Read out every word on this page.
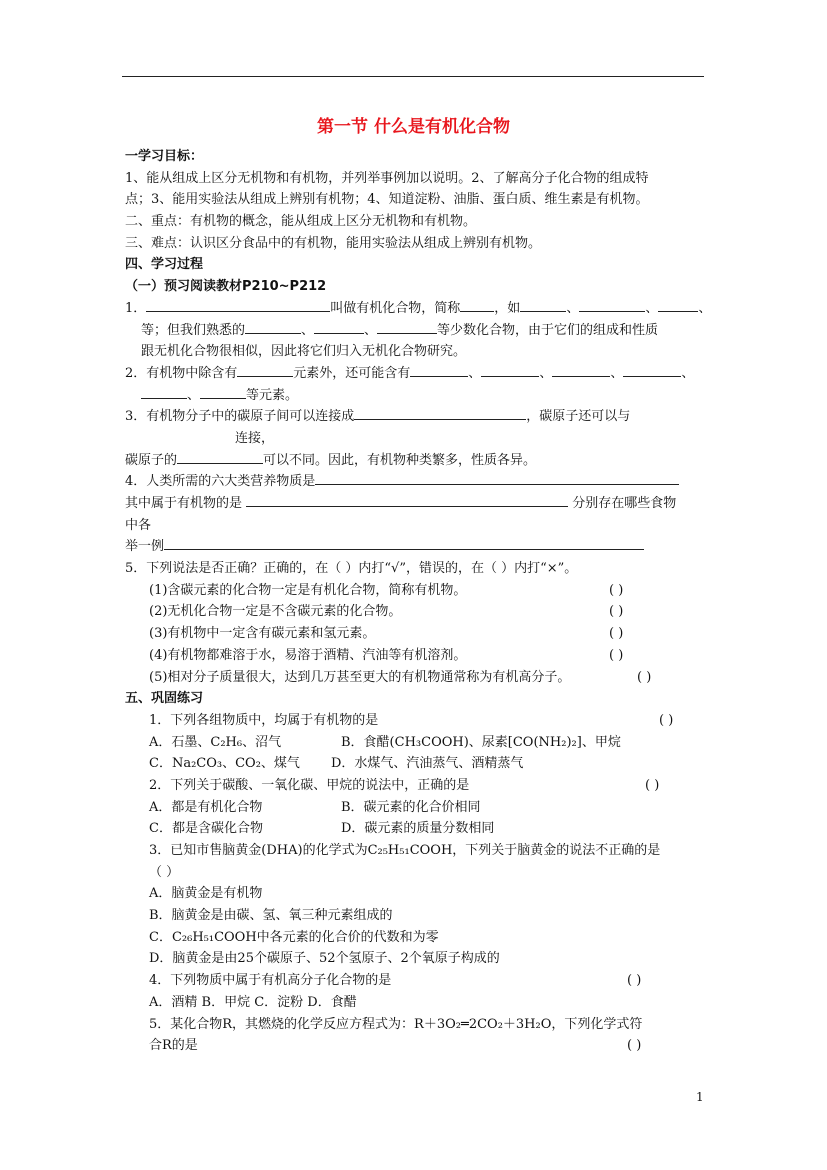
第一节 什么是有机化合物
一学习目标：
1、能从组成上区分无机物和有机物，并列举事例加以说明。2、了解高分子化合物的组成特
点；3、能用实验法从组成上辨别有机物；4、知道淀粉、油脂、蛋白质、维生素是有机物。
二、重点：有机物的概念，能从组成上区分无机物和有机物。
三、难点：认识区分食品中的有机物，能用实验法从组成上辨别有机物。
四、学习过程
（一）预习阅读教材P210~P212
1．	叫做有机化合物，简称	，如	、	、	、
等；但我们熟悉的	、	、	等少数化合物，由于它们的组成和性质
跟无机化合物很相似，因此将它们归入无机化合物研究。
2．有机物中除含有	元素外，还可能含有	、	、	、	、
、	等元素。
3．有机物分子中的碳原子间可以连接成	，碳原子还可以与
连接，
碳原子的	可以不同。因此，有机物种类繁多，性质各异。
4．人类所需的六大类营养物质是
其中属于有机物的是	分别存在哪些食物
中各
举一例
5．下列说法是否正确？正确的，在（ ）内打“√”，错误的，在（ ）内打“×”。
(1)含碳元素的化合物一定是有机化合物，简称有机物。	( )
(2)无机化合物一定是不含碳元素的化合物。	( )
(3)有机物中一定含有碳元素和氢元素。	( )
(4)有机物都难溶于水，易溶于酒精、汽油等有机溶剂。	( )
(5)相对分子质量很大，达到几万甚至更大的有机物通常称为有机高分子。	( )
五、巩固练习
1．下列各组物质中，均属于有机物的是	( )
A．石墨、C₂H₆、沼气	B．食醋(CH₃COOH)、尿素[CO(NH₂)₂]、甲烷
C．Na₂CO₃、CO₂、煤气 D．水煤气、汽油蒸气、酒精蒸气
2．下列关于碳酸、一氧化碳、甲烷的说法中，正确的是	( )
A．都是有机化合物	B．碳元素的化合价相同
C．都是含碳化合物	D．碳元素的质量分数相同
3．已知市售脑黄金(DHA)的化学式为C₂₅H₅₁COOH，下列关于脑黄金的说法不正确的是
（ ）
A．脑黄金是有机物
B．脑黄金是由碳、氢、氧三种元素组成的
C．C₂₆H₅₁COOH中各元素的化合价的代数和为零
D．脑黄金是由25个碳原子、52个氢原子、2个氧原子构成的
4．下列物质中属于有机高分子化合物的是	( )
A．酒精 B．甲烷 C．淀粉 D．食醋
5．某化合物R，其燃烧的化学反应方程式为：R＋3O₂═2CO₂＋3H₂O，下列化学式符
合R的是	( )
1
